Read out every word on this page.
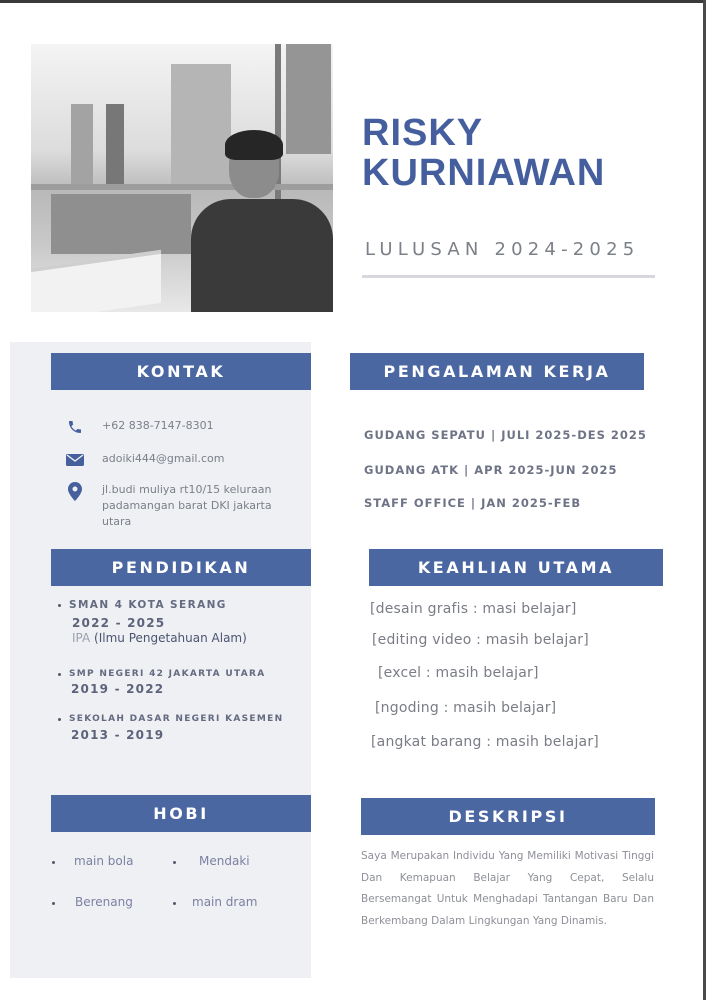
RISKY
KURNIAWAN
LULUSAN 2024-2025
KONTAK
+62 838-7147-8301
adoiki444@gmail.com
jl.budi muliya rt10/15 keluraan padamangan barat DKI jakarta utara
PENDIDIKAN
SMAN 4 KOTA SERANG
2022 - 2025
IPA (Ilmu Pengetahuan Alam)
SMP NEGERI 42 JAKARTA UTARA
2019 - 2022
SEKOLAH DASAR NEGERI KASEMEN
2013 - 2019
HOBI
main bola	Mendaki
Berenang	main dram
PENGALAMAN KERJA
GUDANG SEPATU | JULI 2025-DES 2025
GUDANG ATK | APR 2025-JUN 2025
STAFF OFFICE | JAN 2025-FEB
KEAHLIAN UTAMA
[desain grafis : masi belajar]
[editing video : masih belajar]
[excel : masih belajar]
[ngoding : masih belajar]
[angkat barang : masih belajar]
DESKRIPSI
Saya Merupakan Individu Yang Memiliki Motivasi Tinggi Dan Kemapuan Belajar Yang Cepat, Selalu Bersemangat Untuk Menghadapi Tantangan Baru Dan Berkembang Dalam Lingkungan Yang Dinamis.
